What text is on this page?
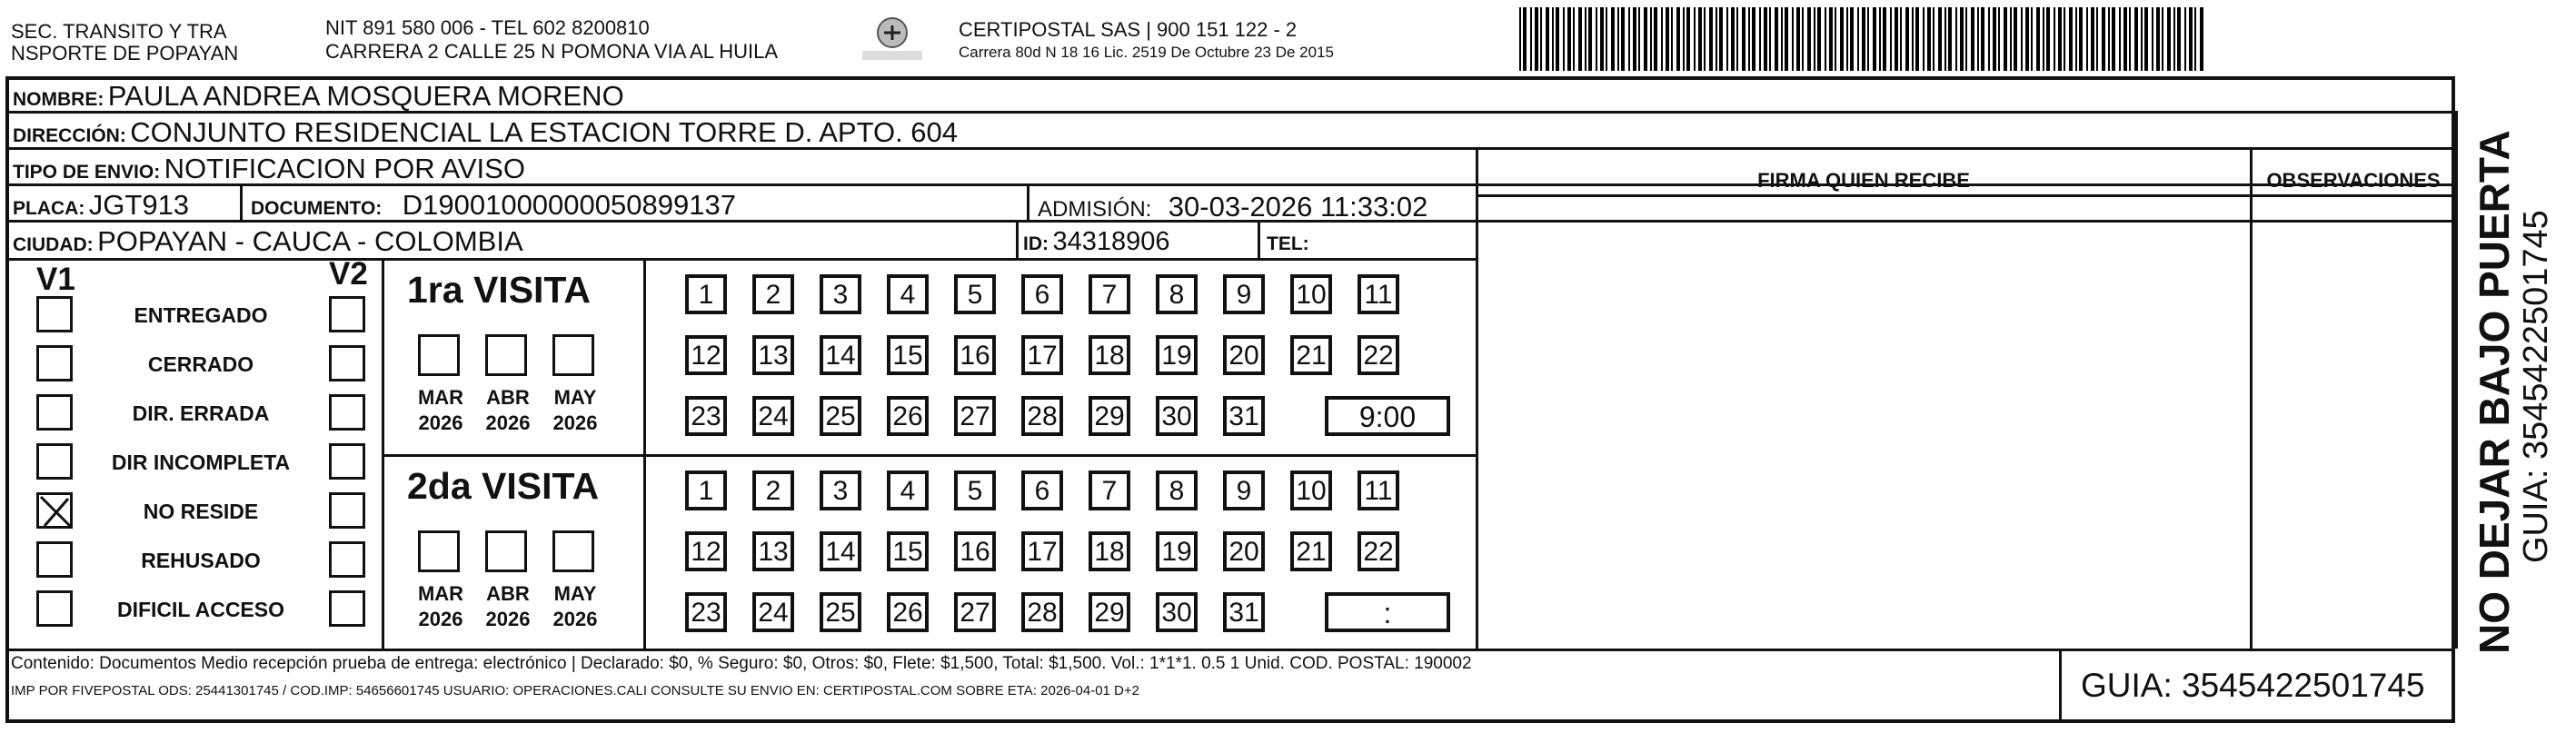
SEC. TRANSITO Y TRA
NSPORTE DE POPAYAN
NIT 891 580 006 - TEL 602 8200810
CARRERA 2 CALLE 25 N POMONA VIA AL HUILA
CERTIPOSTAL SAS | 900 151 122 - 2
Carrera 80d N 18 16 Lic. 2519 De Octubre 23 De 2015
NOMBRE: PAULA ANDREA MOSQUERA MORENO
DIRECCIÓN: CONJUNTO RESIDENCIAL LA ESTACION TORRE D. APTO. 604
TIPO DE ENVIO: NOTIFICACION POR AVISO
PLACA: JGT913	DOCUMENTO: D19001000000050899137	ADMISIÓN: 30-03-2026 11:33:02
CIUDAD: POPAYAN - CAUCA - COLOMBIA	ID: 34318906	TEL:
FIRMA QUIEN RECIBE	OBSERVACIONES
V1	V2
ENTREGADO
CERRADO
DIR. ERRADA
DIR INCOMPLETA
NO RESIDE
REHUSADO
DIFICIL ACCESO
1ra VISITA
MAR
2026
ABR
2026
MAY
2026
1	2	3	4	5	6	7	8	9	10 11
12 13 14 15 16 17 18 19 20 21 22
23 24 25 26 27 28 29 30 31	9:00
2da VISITA
MAR
2026
ABR
2026
MAY
2026
1	2	3	4	5	6	7	8	9	10 11
12 13 14 15 16 17 18 19 20 21 22
23 24 25 26 27 28 29 30 31	:
Contenido: Documentos Medio recepción prueba de entrega: electrónico | Declarado: $0, % Seguro: $0, Otros: $0, Flete: $1,500, Total: $1,500. Vol.: 1*1*1. 0.5 1 Unid. COD. POSTAL: 190002
IMP POR FIVEPOSTAL ODS: 25441301745 / COD.IMP: 54656601745 USUARIO: OPERACIONES.CALI CONSULTE SU ENVIO EN: CERTIPOSTAL.COM SOBRE ETA: 2026-04-01 D+2	GUIA: 3545422501745
NO DEJAR BAJO PUERTA GUIA: 3545422501745
